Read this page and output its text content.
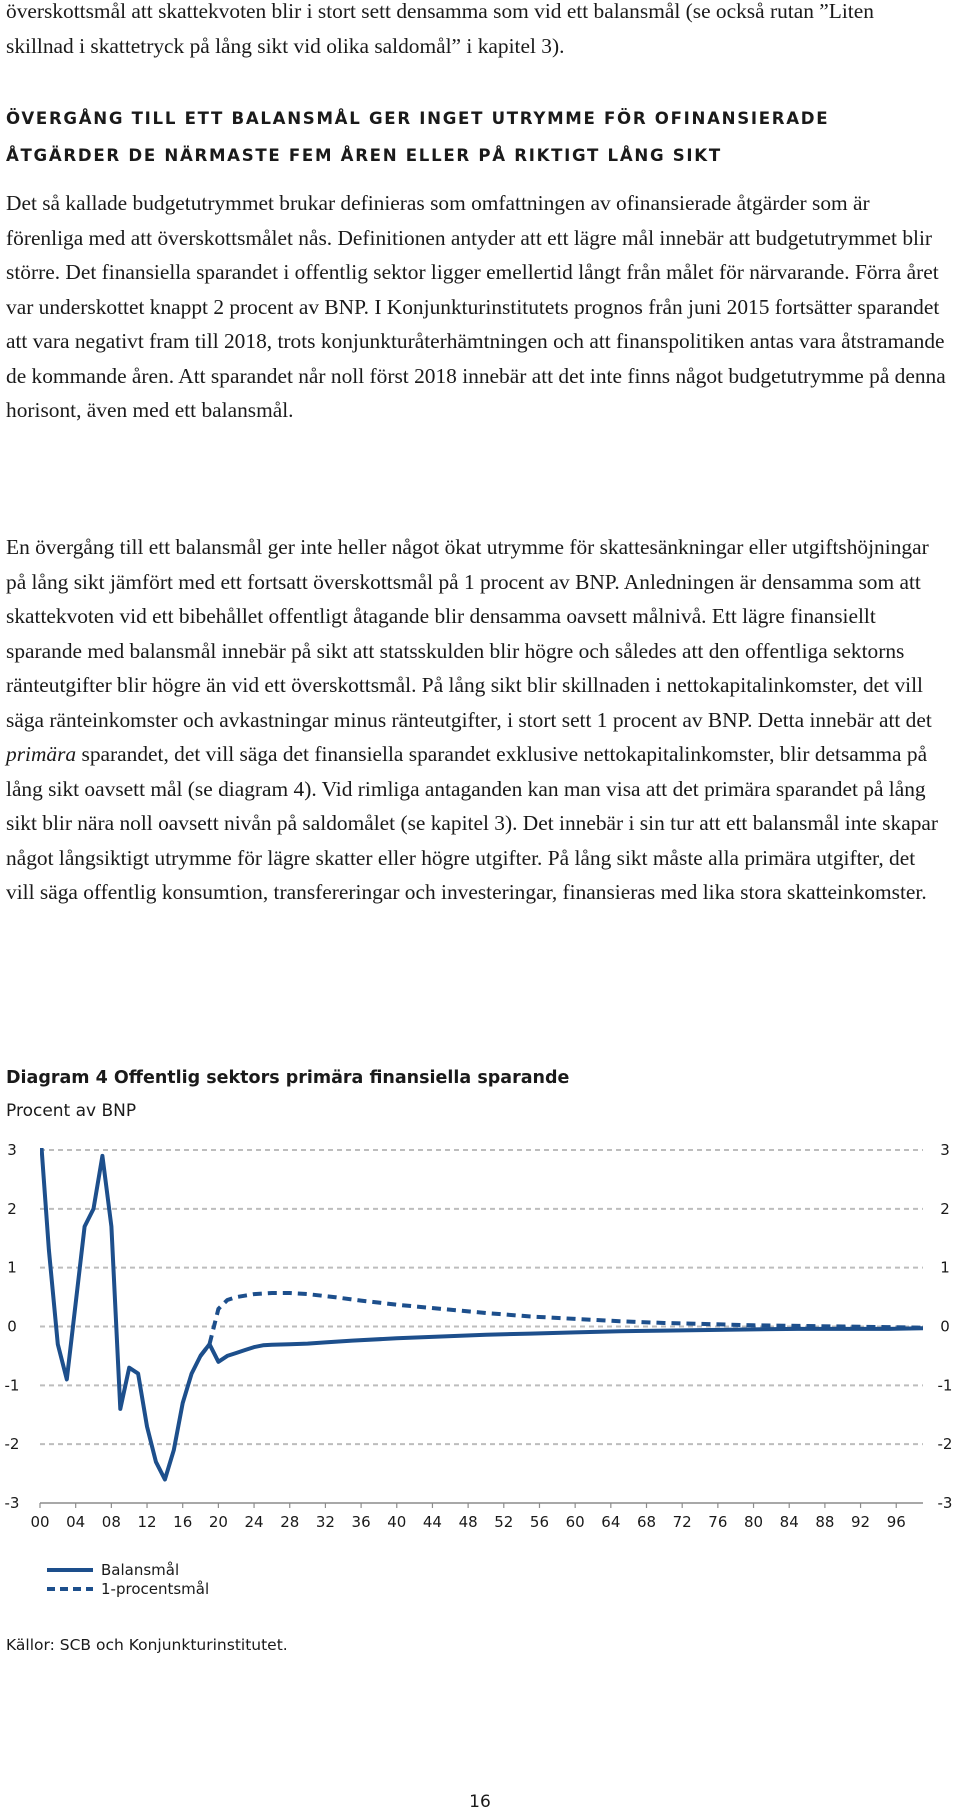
överskottsmål att skattekvoten blir i stort sett densamma som vid ett balansmål (se också rutan ”Liten skillnad i skattetryck på lång sikt vid olika saldomål” i kapitel 3).

ÖVERGÅNG TILL ETT BALANSMÅL GER INGET UTRYMME FÖR OFINANSIERADE

ÅTGÄRDER DE NÄRMASTE FEM ÅREN ELLER PÅ RIKTIGT LÅNG SIKT

Det så kallade budgetutrymmet brukar definieras som omfattningen av ofinansierade åtgärder som är förenliga med att överskottsmålet nås. Definitionen antyder att ett lägre mål innebär att budgetutrymmet blir större. Det finansiella sparandet i offentlig sektor ligger emellertid långt från målet för närvarande. Förra året var underskottet knappt 2 procent av BNP. I Konjunkturinstitutets prognos från juni 2015 fortsätter sparandet att vara negativt fram till 2018, trots konjunkturåterhämtningen och att finanspolitiken antas vara åtstramande de kommande åren. Att sparandet når noll först 2018 innebär att det inte finns något budgetutrymme på denna horisont, även med ett balansmål.

En övergång till ett balansmål ger inte heller något ökat utrymme för skattesänkningar eller utgiftshöjningar på lång sikt jämfört med ett fortsatt överskottsmål på 1 procent av BNP. Anledningen är densamma som att skattekvoten vid ett bibehållet offentligt åtagande blir densamma oavsett målnivå. Ett lägre finansiellt sparande med balansmål innebär på sikt att statsskulden blir högre och således att den offentliga sektorns ränteutgifter blir högre än vid ett överskottsmål. På lång sikt blir skillnaden i nettokapitalinkomster, det vill säga ränteinkomster och avkastningar minus ränteutgifter, i stort sett 1 procent av BNP. Detta innebär att det primära sparandet, det vill säga det finansiella sparandet exklusive nettokapitalinkomster, blir detsamma på lång sikt oavsett mål (se diagram 4). Vid rimliga antaganden kan man visa att det primära sparandet på lång sikt blir nära noll oavsett nivån på saldomålet (se kapitel 3). Det innebär i sin tur att ett balansmål inte skapar något långsiktigt utrymme för lägre skatter eller högre utgifter. På lång sikt måste alla primära utgifter, det vill säga offentlig konsumtion, transfereringar och investeringar, finansieras med lika stora skatteinkomster.

Diagram 4 Offentlig sektors primära finansiella sparande

Procent av BNP

3	3
2	2
1	1
0	0
-1	-1
-2	-2
-3	-3
00 04 08 12 16 20 24 28 32 36 40 44 48 52 56 60 64 68 72 76 80 84 88 92 96
Balansmål
1-procentsmål

Källor: SCB och Konjunkturinstitutet.

16
